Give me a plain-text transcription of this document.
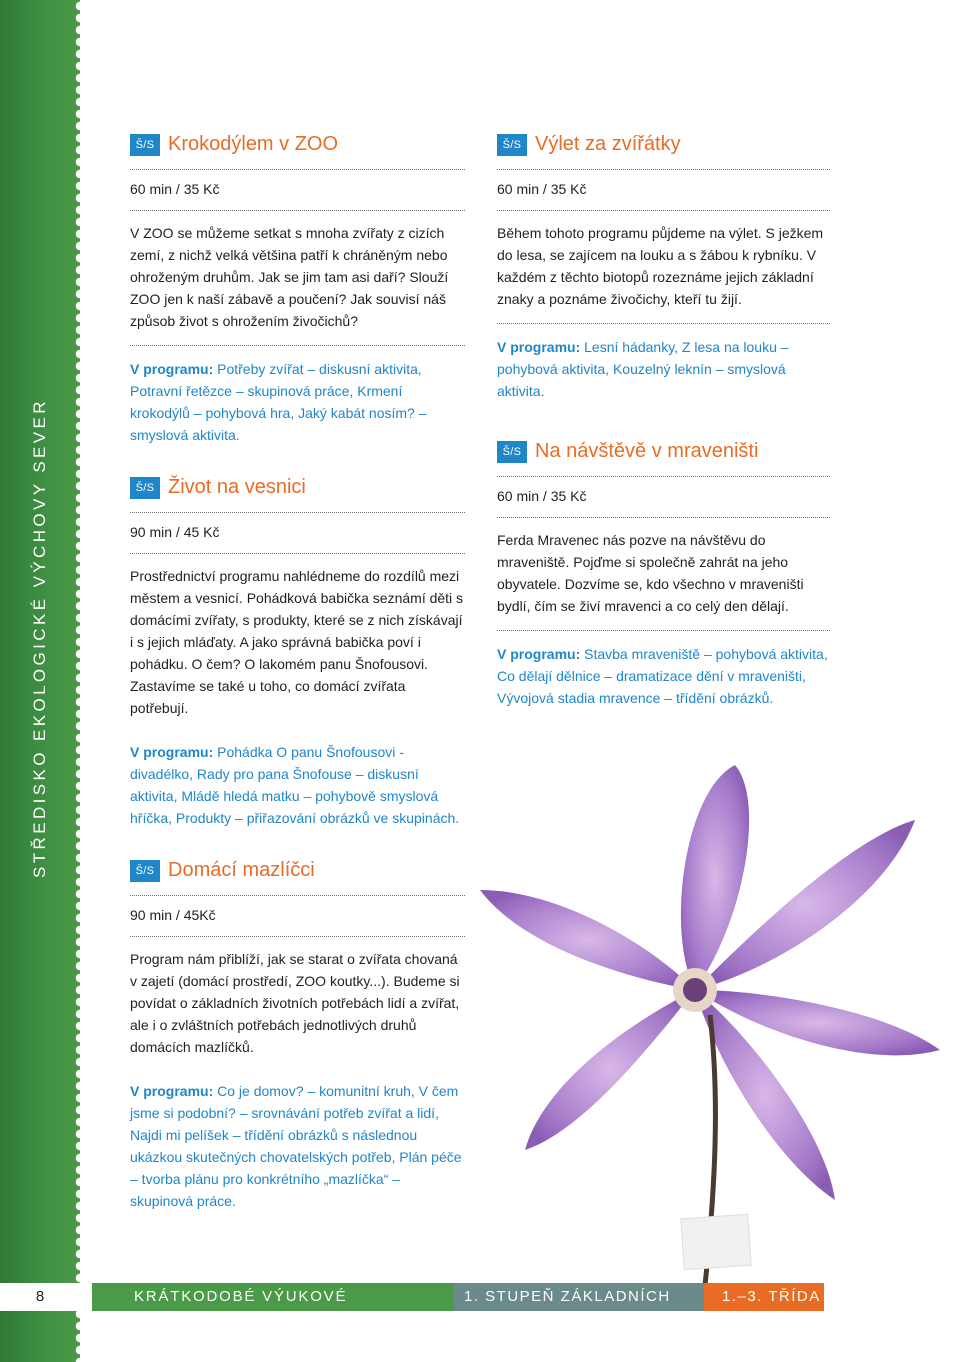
STŘEDISKO EKOLOGICKÉ VÝCHOVY SEVER
Š/S Krokodýlem v ZOO
60 min / 35 Kč
V ZOO se můžeme setkat s mnoha zvířaty z cizích zemí, z nichž velká většina patří k chráněným nebo ohroženým druhům. Jak se jim tam asi daří? Slouží ZOO jen k naší zábavě a poučení? Jak souvisí náš způsob život s ohrožením živočichů?
V programu: Potřeby zvířat – diskusní aktivita, Potravní řetězce – skupinová práce, Krmení krokodýlů – pohybová hra, Jaký kabát nosím? – smyslová aktivita.
Š/S Život na vesnici
90 min / 45 Kč
Prostřednictví programu nahlédneme do rozdílů mezi městem a vesnicí. Pohádková babička seznámí děti s domácími zvířaty, s produkty, které se z nich získávají i s jejich mláďaty. A jako správná babička poví i pohádku. O čem? O lakomém panu Šnofousovi. Zastavíme se také u toho, co domácí zvířata potřebují.
V programu: Pohádka O panu Šnofousovi - divadélko, Rady pro pana Šnofouse – diskusní aktivita, Mládě hledá matku – pohybově smyslová hříčka, Produkty – přiřazování obrázků ve skupinách.
Š/S Domácí mazlíčci
90 min / 45Kč
Program nám přiblíží, jak se starat o zvířata chovaná v zajetí (domácí prostředí, ZOO koutky...). Budeme si povídat o základních životních potřebách lidí a zvířat, ale i o zvláštních potřebách jednotlivých druhů domácích mazlíčků.
V programu: Co je domov? – komunitní kruh, V čem jsme si podobní? – srovnávání potřeb zvířat a lidí, Najdi mi pelíšek – třídění obrázků s následnou ukázkou skutečných chovatelských potřeb, Plán péče – tvorba plánu pro konkrétního „mazlíčka“ – skupinová práce.
Š/S Výlet za zvířátky
60 min / 35 Kč
Během tohoto programu půjdeme na výlet. S ježkem do lesa, se zajícem na louku a s žábou k rybníku. V každém z těchto biotopů rozeznáme jejich základní znaky a poznáme živočichy, kteří tu žijí.
V programu: Lesní hádanky, Z lesa na louku – pohybová aktivita, Kouzelný leknín – smyslová aktivita.
Š/S Na návštěvě v mraveništi
60 min / 35 Kč
Ferda Mravenec nás pozve na návštěvu do mraveniště. Pojďme si společně zahrát na jeho obyvatele. Dozvíme se, kdo všechno v mraveništi bydlí, čím se živí mravenci a co celý den dělají.
V programu: Stavba mraveniště – pohybová aktivita, Co dělají dělnice – dramatizace dění v mraveništi, Vývojová stadia mravence – třídění obrázků.
8	KRÁTKODOBÉ VÝUKOVÉ PROGRAMY
1. STUPEŇ ZÁKLADNÍCH ŠKOL
1.–3. TŘÍDA
